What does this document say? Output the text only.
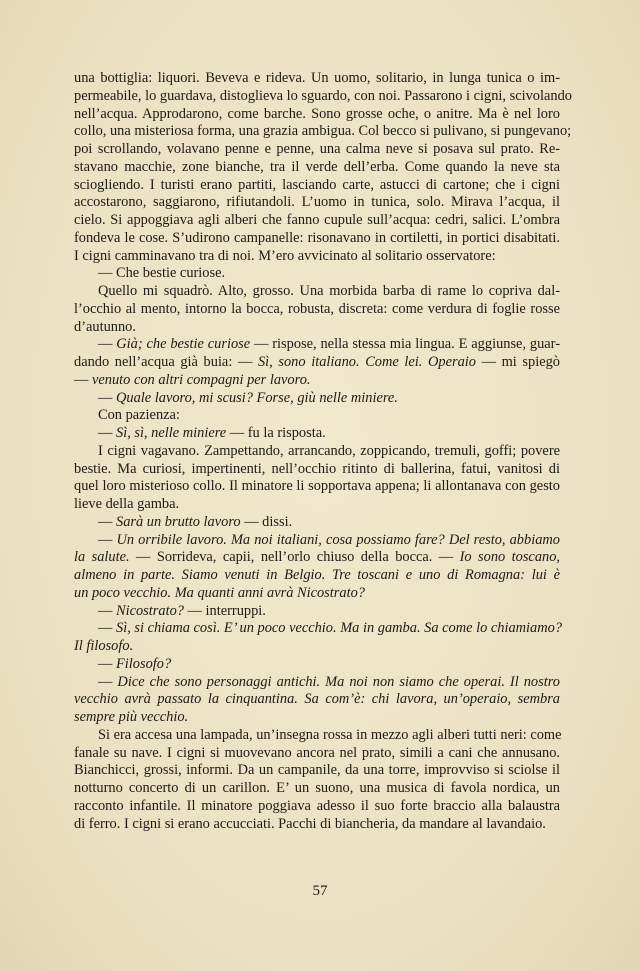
una bottiglia: liquori. Beveva e rideva. Un uomo, solitario, in lunga tunica o im-
permeabile, lo guardava, distoglieva lo sguardo, con noi. Passarono i cigni, scivolando
nell’acqua. Approdarono, come barche. Sono grosse oche, o anitre. Ma è nel loro
collo, una misteriosa forma, una grazia ambigua. Col becco si pulivano, si pungevano;
poi scrollando, volavano penne e penne, una calma neve si posava sul prato. Re-
stavano macchie, zone bianche, tra il verde dell’erba. Come quando la neve sta
sciogliendo. I turisti erano partiti, lasciando carte, astucci di cartone; che i cigni
accostarono, saggiarono, rifiutandoli. L’uomo in tunica, solo. Mirava l’acqua, il
cielo. Si appoggiava agli alberi che fanno cupule sull’acqua: cedri, salici. L’ombra
fondeva le cose. S’udirono campanelle: risonavano in cortiletti, in portici disabitati.
I cigni camminavano tra di noi. M’ero avvicinato al solitario osservatore:
— Che bestie curiose.
Quello mi squadrò. Alto, grosso. Una morbida barba di rame lo copriva dal-
l’occhio al mento, intorno la bocca, robusta, discreta: come verdura di foglie rosse
d’autunno.
— Già; che bestie curiose — rispose, nella stessa mia lingua. E aggiunse, guar-
dando nell’acqua già buia: — Sì, sono italiano. Come lei. Operaio — mi spiegò
— venuto con altri compagni per lavoro.
— Quale lavoro, mi scusi? Forse, giù nelle miniere.
Con pazienza:
— Sì, sì, nelle miniere — fu la risposta.
I cigni vagavano. Zampettando, arrancando, zoppicando, tremuli, goffi; povere
bestie. Ma curiosi, impertinenti, nell’occhio ritinto di ballerina, fatui, vanitosi di
quel loro misterioso collo. Il minatore li sopportava appena; li allontanava con gesto
lieve della gamba.
— Sarà un brutto lavoro — dissi.
— Un orribile lavoro. Ma noi italiani, cosa possiamo fare? Del resto, abbiamo
la salute. — Sorrideva, capii, nell’orlo chiuso della bocca. — Io sono toscano,
almeno in parte. Siamo venuti in Belgio. Tre toscani e uno di Romagna: lui è
un poco vecchio. Ma quanti anni avrà Nicostrato?
— Nicostrato? — interruppi.
— Sì, si chiama così. E’ un poco vecchio. Ma in gamba. Sa come lo chiamiamo?
Il filosofo.
— Filosofo?
— Dice che sono personaggi antichi. Ma noi non siamo che operai. Il nostro
vecchio avrà passato la cinquantina. Sa com’è: chi lavora, un’operaio, sembra
sempre più vecchio.
Si era accesa una lampada, un’insegna rossa in mezzo agli alberi tutti neri: come
fanale su nave. I cigni si muovevano ancora nel prato, simili a cani che annusano.
Bianchicci, grossi, informi. Da un campanile, da una torre, improvviso si sciolse il
notturno concerto di un carillon. E’ un suono, una musica di favola nordica, un
racconto infantile. Il minatore poggiava adesso il suo forte braccio alla balaustra
di ferro. I cigni si erano accucciati. Pacchi di biancheria, da mandare al lavandaio.
57
